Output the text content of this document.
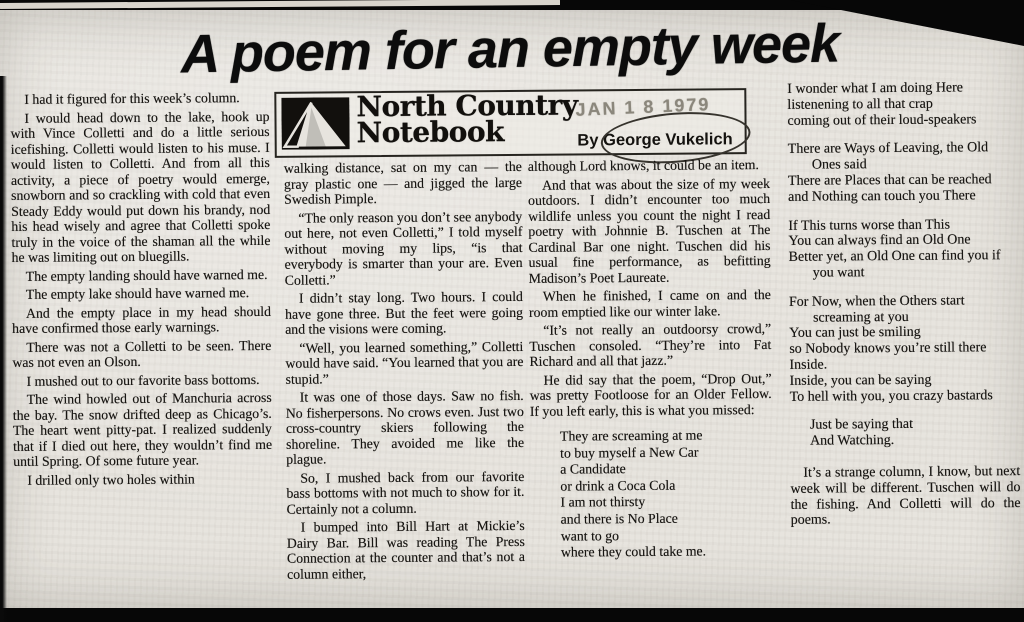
A poem for an empty week

I had it figured for this week’s column.

I would head down to the lake, hook up with Vince Colletti and do a little serious icefishing. Colletti would listen to his muse. I would listen to Colletti. And from all this activity, a piece of poetry would emerge, snowborn and so crackling with cold that even Steady Eddy would put down his brandy, nod his head wisely and agree that Colletti spoke truly in the voice of the shaman all the while he was limiting out on bluegills.

The empty landing should have warned me.

The empty lake should have warned me.

And the empty place in my head should have confirmed those early warnings.

There was not a Colletti to be seen. There was not even an Olson.

I mushed out to our favorite bass bottoms.

The wind howled out of Manchuria across the bay. The snow drifted deep as Chicago’s. The heart went pitty-pat. I realized suddenly that if I died out here, they wouldn’t find me until Spring. Of some future year.

I drilled only two holes within

North Country
Notebook
JAN 1 8 1979
By George Vukelich

walking distance, sat on my can — the gray plastic one — and jigged the large Swedish Pimple.

“The only reason you don’t see anybody out here, not even Colletti,” I told myself without moving my lips, “is that everybody is smarter than your are. Even Colletti.”

I didn’t stay long. Two hours. I could have gone three. But the feet were going and the visions were coming.

“Well, you learned something,” Colletti would have said. “You learned that you are stupid.”

It was one of those days. Saw no fish. No fisherpersons. No crows even. Just two cross-country skiers following the shoreline. They avoided me like the plague.

So, I mushed back from our favorite bass bottoms with not much to show for it. Certainly not a column.

I bumped into Bill Hart at Mickie’s Dairy Bar. Bill was reading The Press Connection at the counter and that’s not a column either,

although Lord knows, it could be an item.

And that was about the size of my week outdoors. I didn’t encounter too much wildlife unless you count the night I read poetry with Johnnie B. Tuschen at The Cardinal Bar one night. Tuschen did his usual fine performance, as befitting Madison’s Poet Laureate.

When he finished, I came on and the room emptied like our winter lake.

“It’s not really an outdoorsy crowd,” Tuschen consoled. “They’re into Fat Richard and all that jazz.”

He did say that the poem, “Drop Out,” was pretty Footloose for an Older Fellow. If you left early, this is what you missed:

They are screaming at me
to buy myself a New Car
a Candidate
or drink a Coca Cola
I am not thirsty
and there is No Place
want to go
where they could take me.

I wonder what I am doing Here

listenening to all that crap

coming out of their loud-speakers

There are Ways of Leaving, the Old Ones said

There are Places that can be reached

and Nothing can touch you There

If This turns worse than This

You can always find an Old One

Better yet, an Old One can find you if you want

For Now, when the Others start screaming at you

You can just be smiling

so Nobody knows you’re still there

Inside.

Inside, you can be saying

To hell with you, you crazy bastards

Just be saying that

And Watching.

It’s a strange column, I know, but next week will be different. Tuschen will do the fishing. And Colletti will do the poems.
